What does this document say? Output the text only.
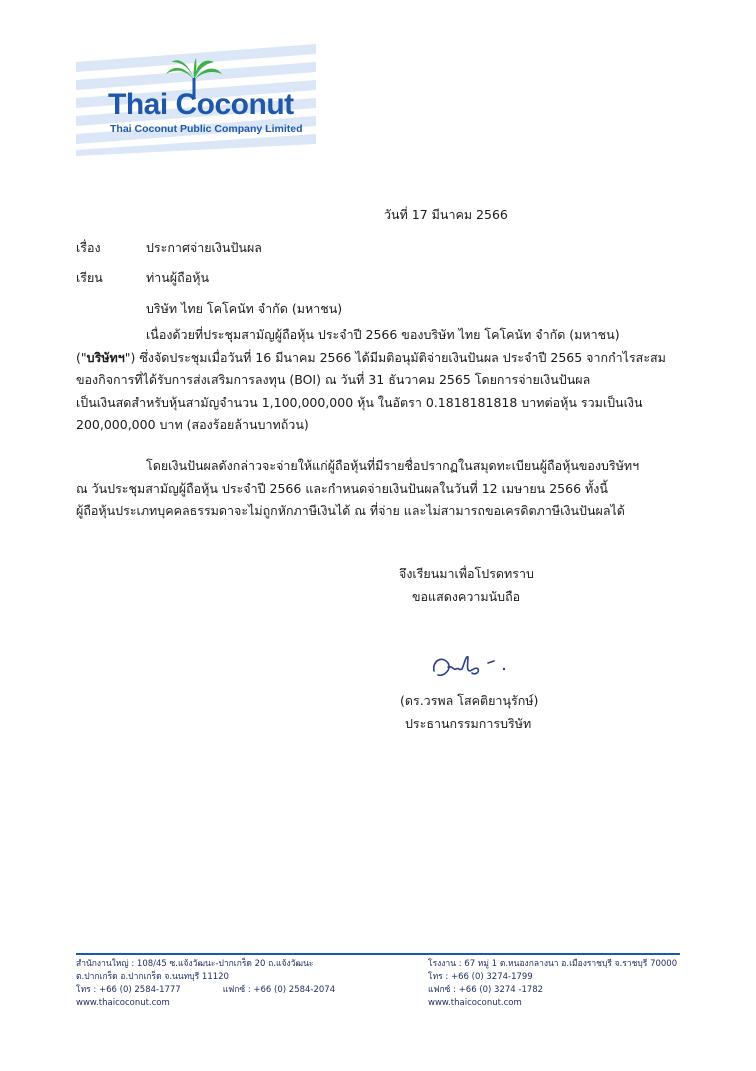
Thai Coconut
Thai Coconut Public Company Limited
วันที่ 17 มีนาคม 2566
เรื่อง	ประกาศจ่ายเงินปันผล
เรียน	ท่านผู้ถือหุ้น
บริษัท ไทย โคโคนัท จำกัด (มหาชน)
เนื่องด้วยที่ประชุมสามัญผู้ถือหุ้น ประจำปี 2566 ของบริษัท ไทย โคโคนัท จำกัด (มหาชน)
("บริษัทฯ") ซึ่งจัดประชุมเมื่อวันที่ 16 มีนาคม 2566 ได้มีมติอนุมัติจ่ายเงินปันผล ประจำปี 2565 จากกำไรสะสม
ของกิจการที่ได้รับการส่งเสริมการลงทุน (BOI) ณ วันที่ 31 ธันวาคม 2565 โดยการจ่ายเงินปันผล
เป็นเงินสดสำหรับหุ้นสามัญจำนวน 1,100,000,000 หุ้น ในอัตรา 0.1818181818 บาทต่อหุ้น รวมเป็นเงิน
200,000,000 บาท (สองร้อยล้านบาทถ้วน)
โดยเงินปันผลดังกล่าวจะจ่ายให้แก่ผู้ถือหุ้นที่มีรายชื่อปรากฏในสมุดทะเบียนผู้ถือหุ้นของบริษัทฯ
ณ วันประชุมสามัญผู้ถือหุ้น ประจำปี 2566 และกำหนดจ่ายเงินปันผลในวันที่ 12 เมษายน 2566 ทั้งนี้
ผู้ถือหุ้นประเภทบุคคลธรรมดาจะไม่ถูกหักภาษีเงินได้ ณ ที่จ่าย และไม่สามารถขอเครดิตภาษีเงินปันผลได้
จึงเรียนมาเพื่อโปรดทราบ
ขอแสดงความนับถือ
(ดร.วรพล โสคติยานุรักษ์)
ประธานกรรมการบริษัท
สำนักงานใหญ่ : 108/45 ซ.แจ้งวัฒนะ-ปากเกร็ด 20 ถ.แจ้งวัฒนะ
ต.ปากเกร็ด อ.ปากเกร็ด จ.นนทบุรี 11120
โทร : +66 (0) 2584-1777	แฟกซ์ : +66 (0) 2584-2074
www.thaicoconut.com
โรงงาน : 67 หมู่ 1 ต.หนองกลางนา อ.เมืองราชบุรี จ.ราชบุรี 70000
โทร : +66 (0) 3274-1799
แฟกซ์ : +66 (0) 3274 -1782
www.thaicoconut.com
